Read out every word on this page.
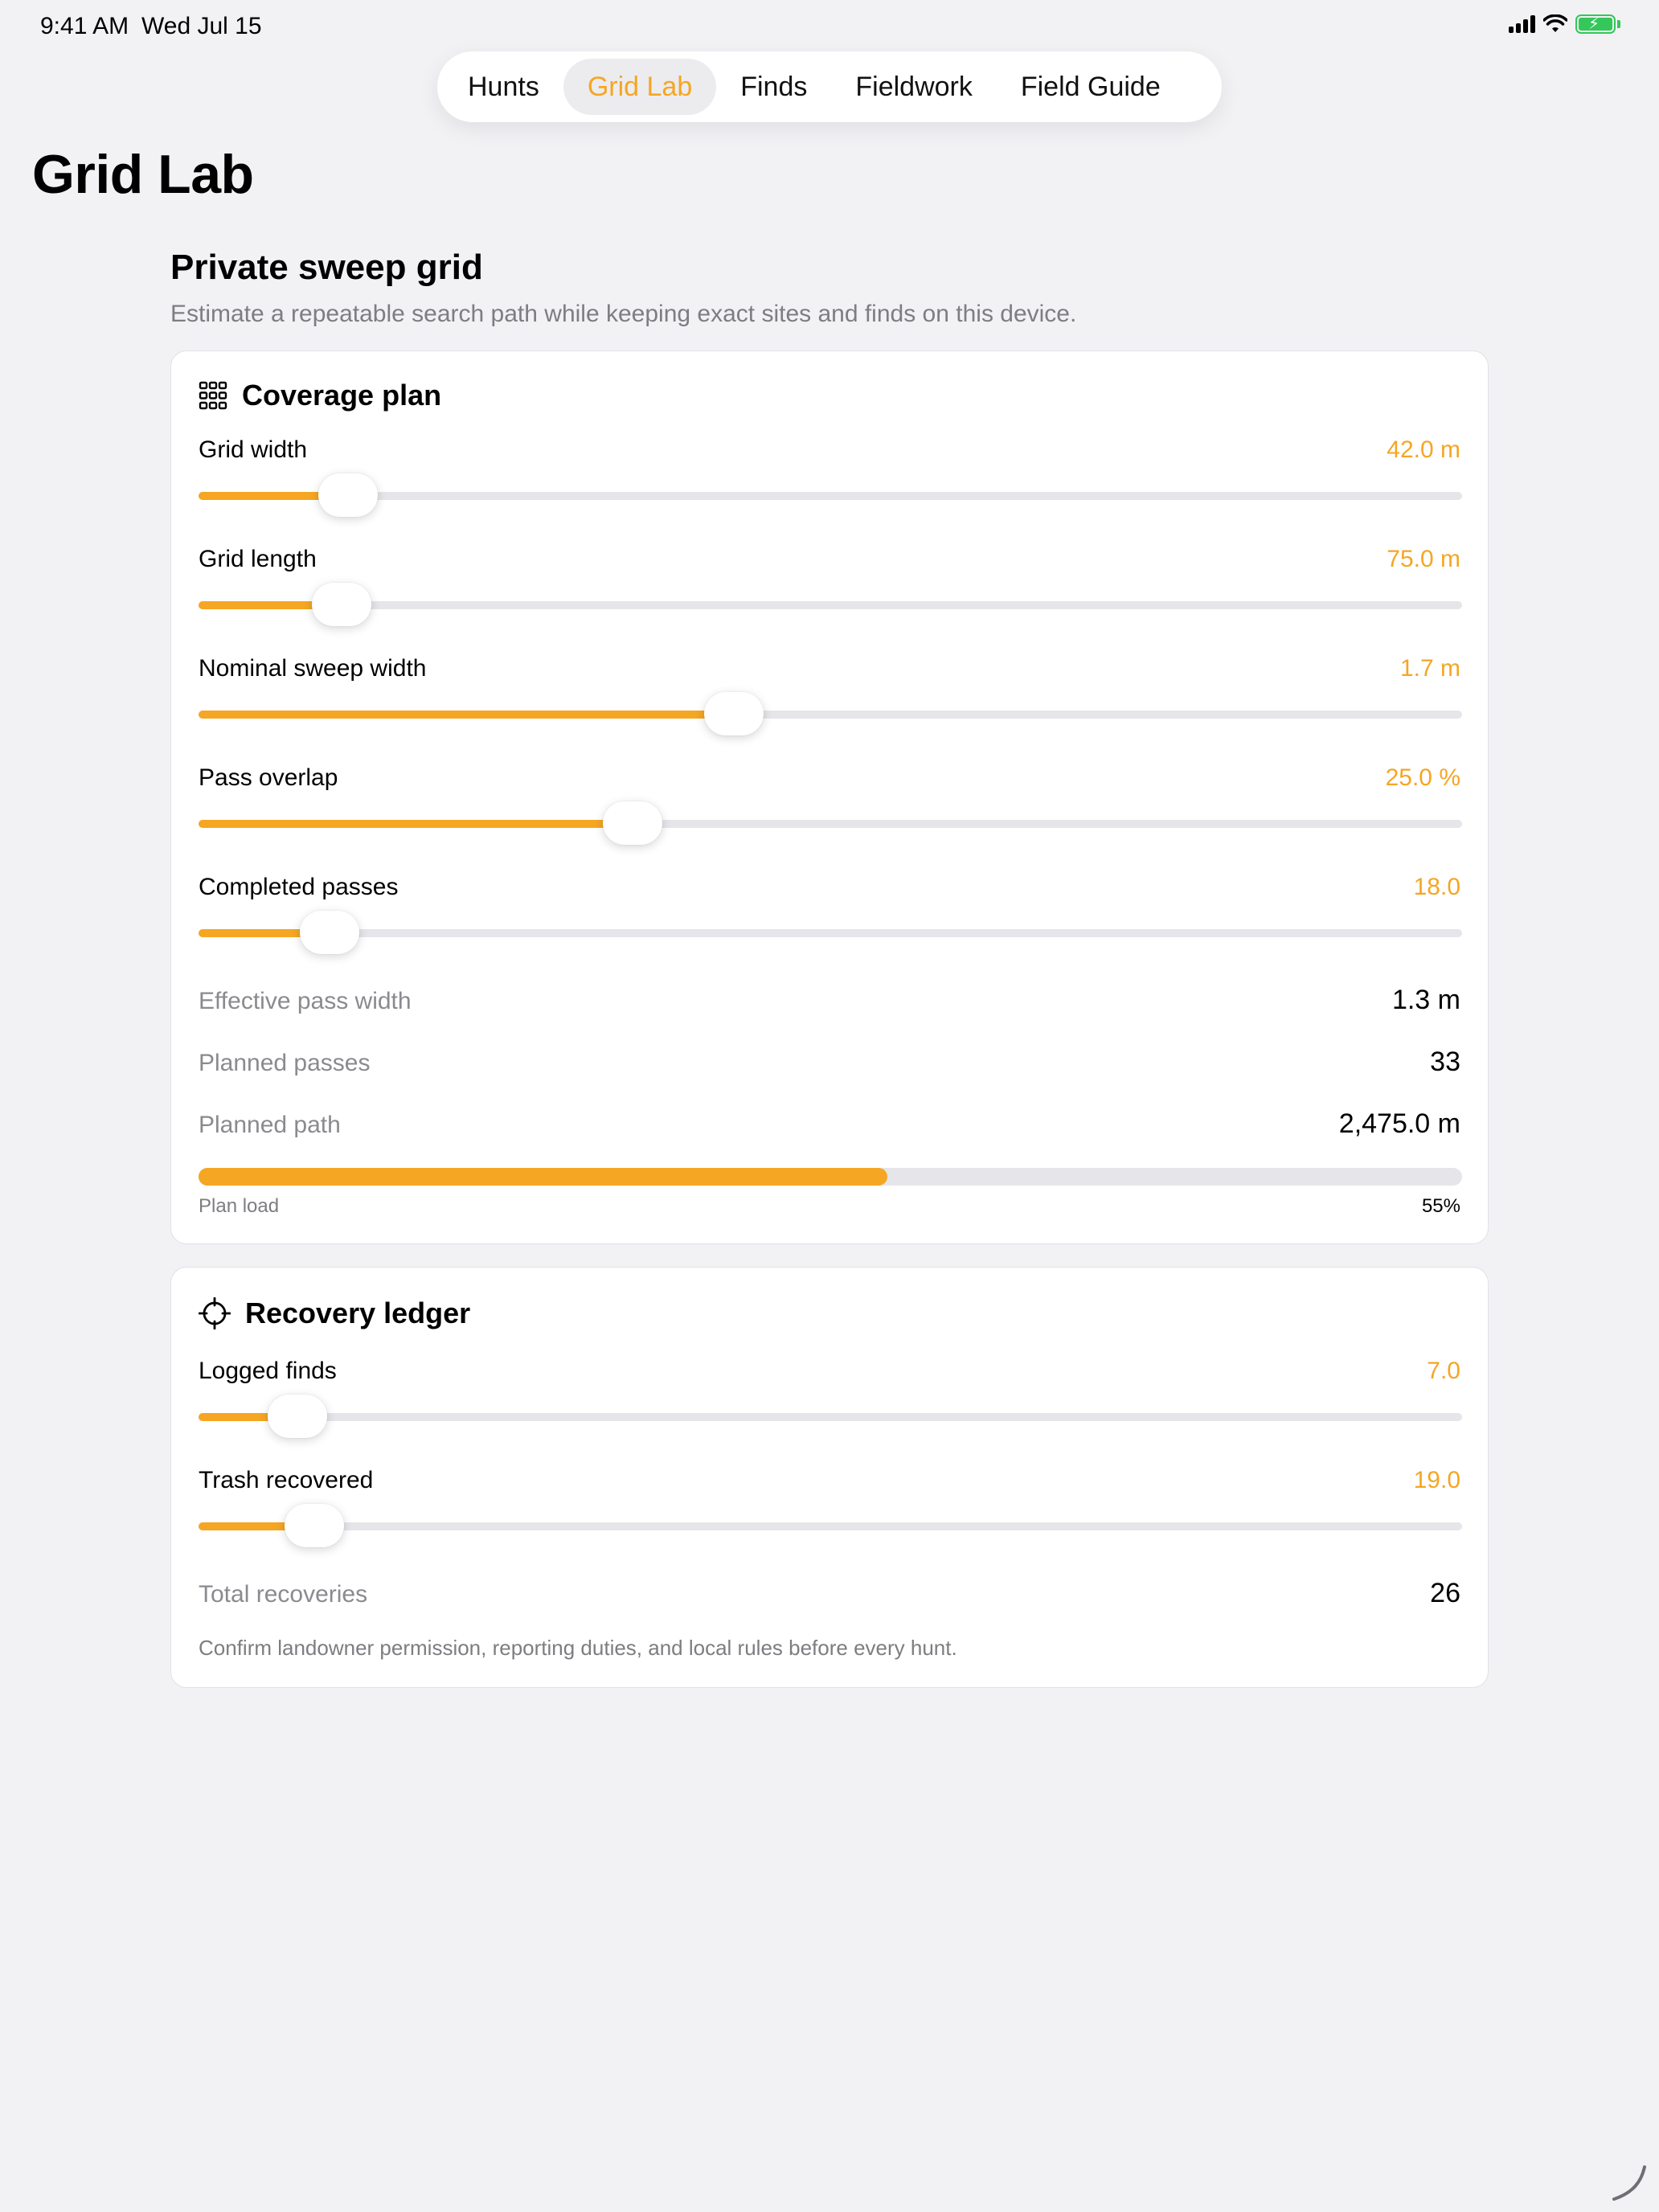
9:41 AM Wed Jul 15	⚡
Hunts	Grid Lab	Finds	Fieldwork	Field Guide
Grid Lab
Private sweep grid

Estimate a repeatable search path while keeping exact sites and finds on this device.

Coverage plan
Grid width	42.0 m
Grid length	75.0 m
Nominal sweep width	1.7 m
Pass overlap	25.0 %
Completed passes	18.0
Effective pass width	1.3 m
Planned passes	33
Planned path	2,475.0 m
Plan load	55%
Recovery ledger
Logged finds	7.0
Trash recovered	19.0
Total recoveries	26

Confirm landowner permission, reporting duties, and local rules before every hunt.
